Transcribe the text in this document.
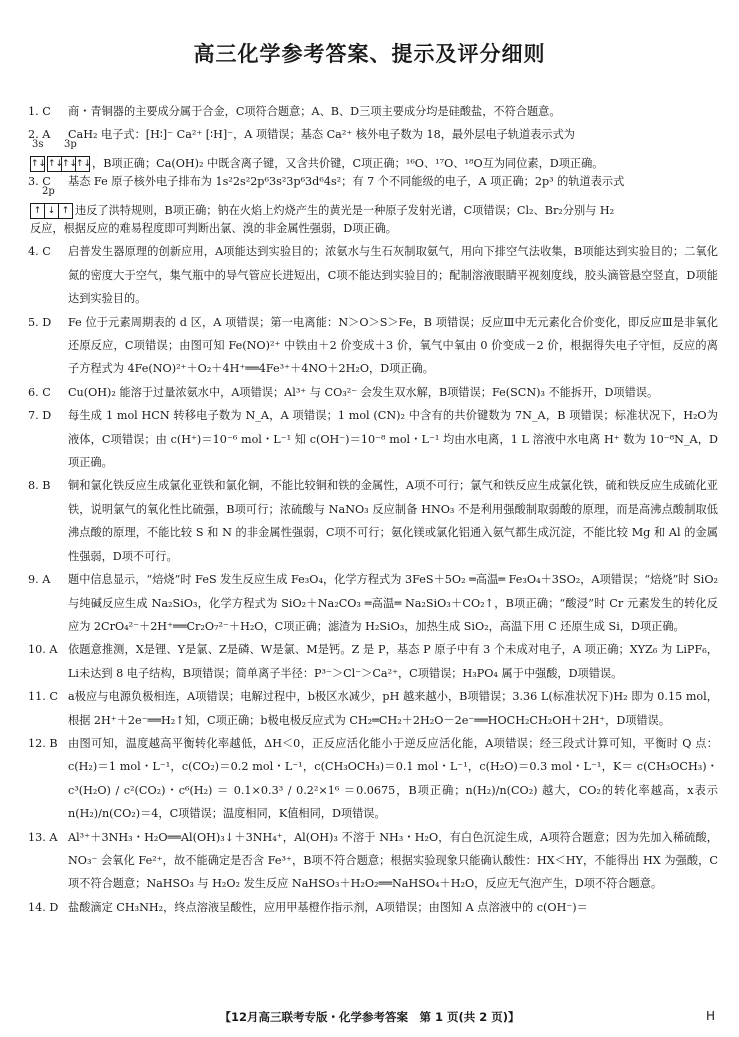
高三化学参考答案、提示及评分细则
1. C	商・青铜器的主要成分属于合金，C项符合题意；A、B、D三项主要成分均是硅酸盐，不符合题意。
2. A	CaH₂ 电子式：[H∶]⁻ Ca²⁺ [∶H]⁻，A 项错误；基态 Ca²⁺ 核外电子数为 18，最外层电子轨道表示式为
↑↓ ↑↓
↑↓
↑↓ ，B项正确；Ca(OH)₂ 中既含离子键，又含共价键，C项正确；¹⁶O、¹⁷O、¹⁸O互为同位素，D项正确。
3s 3p
3. C	基态 Fe 原子核外电子排布为 1s²2s²2p⁶3s²3p⁶3d⁶4s²；有 7 个不同能级的电子，A 项正确；2p³ 的轨道表示式
↑ ↓ ↑ 违反了洪特规则，B项正确；钠在火焰上灼烧产生的黄光是一种原子发射光谱，C项错误；Cl₂、Br₂分别与 H₂
2p
反应，根据反应的难易程度即可判断出氯、溴的非金属性强弱，D项正确。
4. C	启普发生器原理的创新应用，A项能达到实验目的；浓氨水与生石灰制取氨气，用向下排空气法收集，B项能达到实验目的；二氧化氮的密度大于空气，集气瓶中的导气管应长进短出，C项不能达到实验目的；配制溶液眼睛平视刻度线，胶头滴管悬空竖直，D项能达到实验目的。
5. D	Fe 位于元素周期表的 d 区，A 项错误；第一电离能：N＞O＞S＞Fe，B 项错误；反应Ⅲ中无元素化合价变化，即反应Ⅲ是非氧化还原反应，C项错误；由图可知 Fe(NO)²⁺ 中铁由＋2 价变成＋3 价，氧气中氧由 0 价变成－2 价，根据得失电子守恒，反应的离子方程式为 4Fe(NO)²⁺＋O₂＋4H⁺══4Fe³⁺＋4NO＋2H₂O，D项正确。
6. C	Cu(OH)₂ 能溶于过量浓氨水中，A项错误；Al³⁺ 与 CO₃²⁻ 会发生双水解，B项错误；Fe(SCN)₃ 不能拆开，D项错误。
7. D	每生成 1 mol HCN 转移电子数为 N_A，A 项错误；1 mol (CN)₂ 中含有的共价键数为 7N_A，B 项错误；标准状况下，H₂O为液体，C项错误；由 c(H⁺)＝10⁻⁶ mol・L⁻¹ 知 c(OH⁻)＝10⁻⁸ mol・L⁻¹ 均由水电离，1 L 溶液中水电离 H⁺ 数为 10⁻⁸N_A，D项正确。
8. B	铜和氯化铁反应生成氯化亚铁和氯化铜，不能比较铜和铁的金属性，A项不可行；氯气和铁反应生成氯化铁，硫和铁反应生成硫化亚铁，说明氯气的氧化性比硫强，B项可行；浓硫酸与 NaNO₃ 反应制备 HNO₃ 不是利用强酸制取弱酸的原理，而是高沸点酸制取低沸点酸的原理，不能比较 S 和 N 的非金属性强弱，C项不可行；氨化镁或氯化铝通入氨气都生成沉淀，不能比较 Mg 和 Al 的金属性强弱，D项不可行。
9. A	题中信息显示，“焙烧”时 FeS 发生反应生成 Fe₃O₄，化学方程式为 3FeS＋5O₂ ═高温═ Fe₃O₄＋3SO₂，A项错误；“焙烧”时 SiO₂ 与纯碱反应生成 Na₂SiO₃，化学方程式为 SiO₂＋Na₂CO₃ ═高温═ Na₂SiO₃＋CO₂↑，B项正确；“酸浸”时 Cr 元素发生的转化反应为 2CrO₄²⁻＋2H⁺══Cr₂O₇²⁻＋H₂O，C项正确；滤渣为 H₂SiO₃，加热生成 SiO₂，高温下用 C 还原生成 Si，D项正确。
10. A 依题意推测，X是锂、Y是氯、Z是磷、W是氯、M是钙。Z 是 P，基态 P 原子中有 3 个未成对电子，A 项正确；XYZ₆ 为 LiPF₆，Li未达到 8 电子结构，B项错误；简单离子半径：P³⁻＞Cl⁻＞Ca²⁺，C项错误；H₃PO₄ 属于中强酸，D项错误。
11. C a极应与电源负极相连，A项错误；电解过程中，b极区水减少，pH 越来越小，B项错误；3.36 L(标准状况下)H₂ 即为 0.15 mol，根据 2H⁺＋2e⁻══H₂↑知，C项正确；b极电极反应式为 CH₂═CH₂＋2H₂O－2e⁻══HOCH₂CH₂OH＋2H⁺，D项错误。
12. B 由图可知，温度越高平衡转化率越低，ΔH＜0，正反应活化能小于逆反应活化能，A项错误；经三段式计算可知，平衡时 Q 点：c(H₂)＝1 mol・L⁻¹，c(CO₂)＝0.2 mol・L⁻¹，c(CH₃OCH₃)＝0.1 mol・L⁻¹，c(H₂O)＝0.3 mol・L⁻¹，K＝ c(CH₃OCH₃)・c³(H₂O) / c²(CO₂)・c⁶(H₂) ＝ 0.1×0.3³ / 0.2²×1⁶ ＝0.0675，B项正确；n(H₂)/n(CO₂) 越大，CO₂的转化率越高，x表示 n(H₂)/n(CO₂)＝4，C项错误；温度相同，K值相同，D项错误。
13. A Al³⁺＋3NH₃・H₂O══Al(OH)₃↓＋3NH₄⁺，Al(OH)₃ 不溶于 NH₃・H₂O，有白色沉淀生成，A项符合题意；因为先加入稀硫酸，NO₃⁻ 会氧化 Fe²⁺，故不能确定是否含 Fe³⁺，B项不符合题意；根据实验现象只能确认酸性：HX＜HY，不能得出 HX 为强酸，C项不符合题意；NaHSO₃ 与 H₂O₂ 发生反应 NaHSO₃＋H₂O₂══NaHSO₄＋H₂O，反应无气泡产生，D项不符合题意。
14. D 盐酸滴定 CH₃NH₂，终点溶液呈酸性，应用甲基橙作指示剂，A项错误；由图知 A 点溶液中的 c(OH⁻)＝
【12月高三联考专版・化学参考答案　第 1 页(共 2 页)】	H
